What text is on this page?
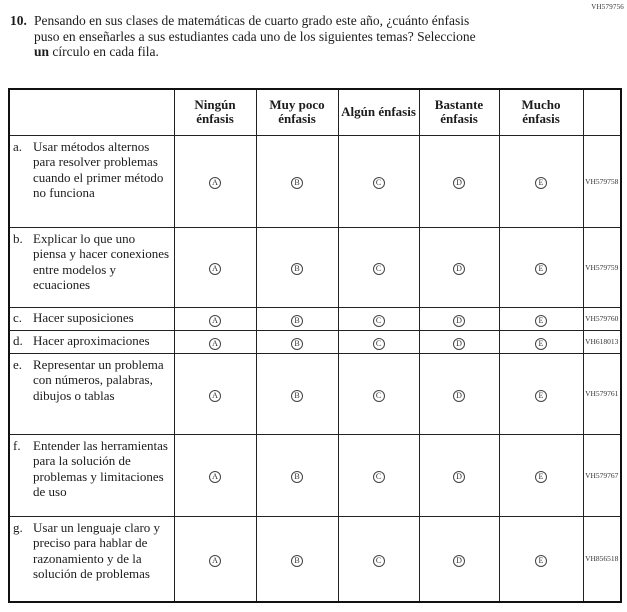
VH579756
10. Pensando en sus clases de matemáticas de cuarto grado este año, ¿cuánto énfasis puso en enseñarles a sus estudiantes cada uno de los siguientes temas? Seleccione un círculo en cada fila.
	Ningún énfasis	Muy poco énfasis	Algún énfasis	Bastante énfasis	Mucho énfasis	

a. Usar métodos alternos para resolver problemas cuando el primer método no funciona	A	B	C	D	E	VH579758

b. Explicar lo que uno piensa y hacer conexiones entre modelos y ecuaciones	A	B	C	D	E	VH579759

c. Hacer suposiciones	A	B	C	D	E	VH579760

d. Hacer aproximaciones	A	B	C	D	E	VH618013

e. Representar un problema con números, palabras, dibujos o tablas	A	B	C	D	E	VH579761

f. Entender las herramientas para la solución de problemas y limitaciones de uso	A	B	C	D	E	VH579767

g. Usar un lenguaje claro y preciso para hablar de razonamiento y de la solución de problemas	A	B	C	D	E	VH856518
